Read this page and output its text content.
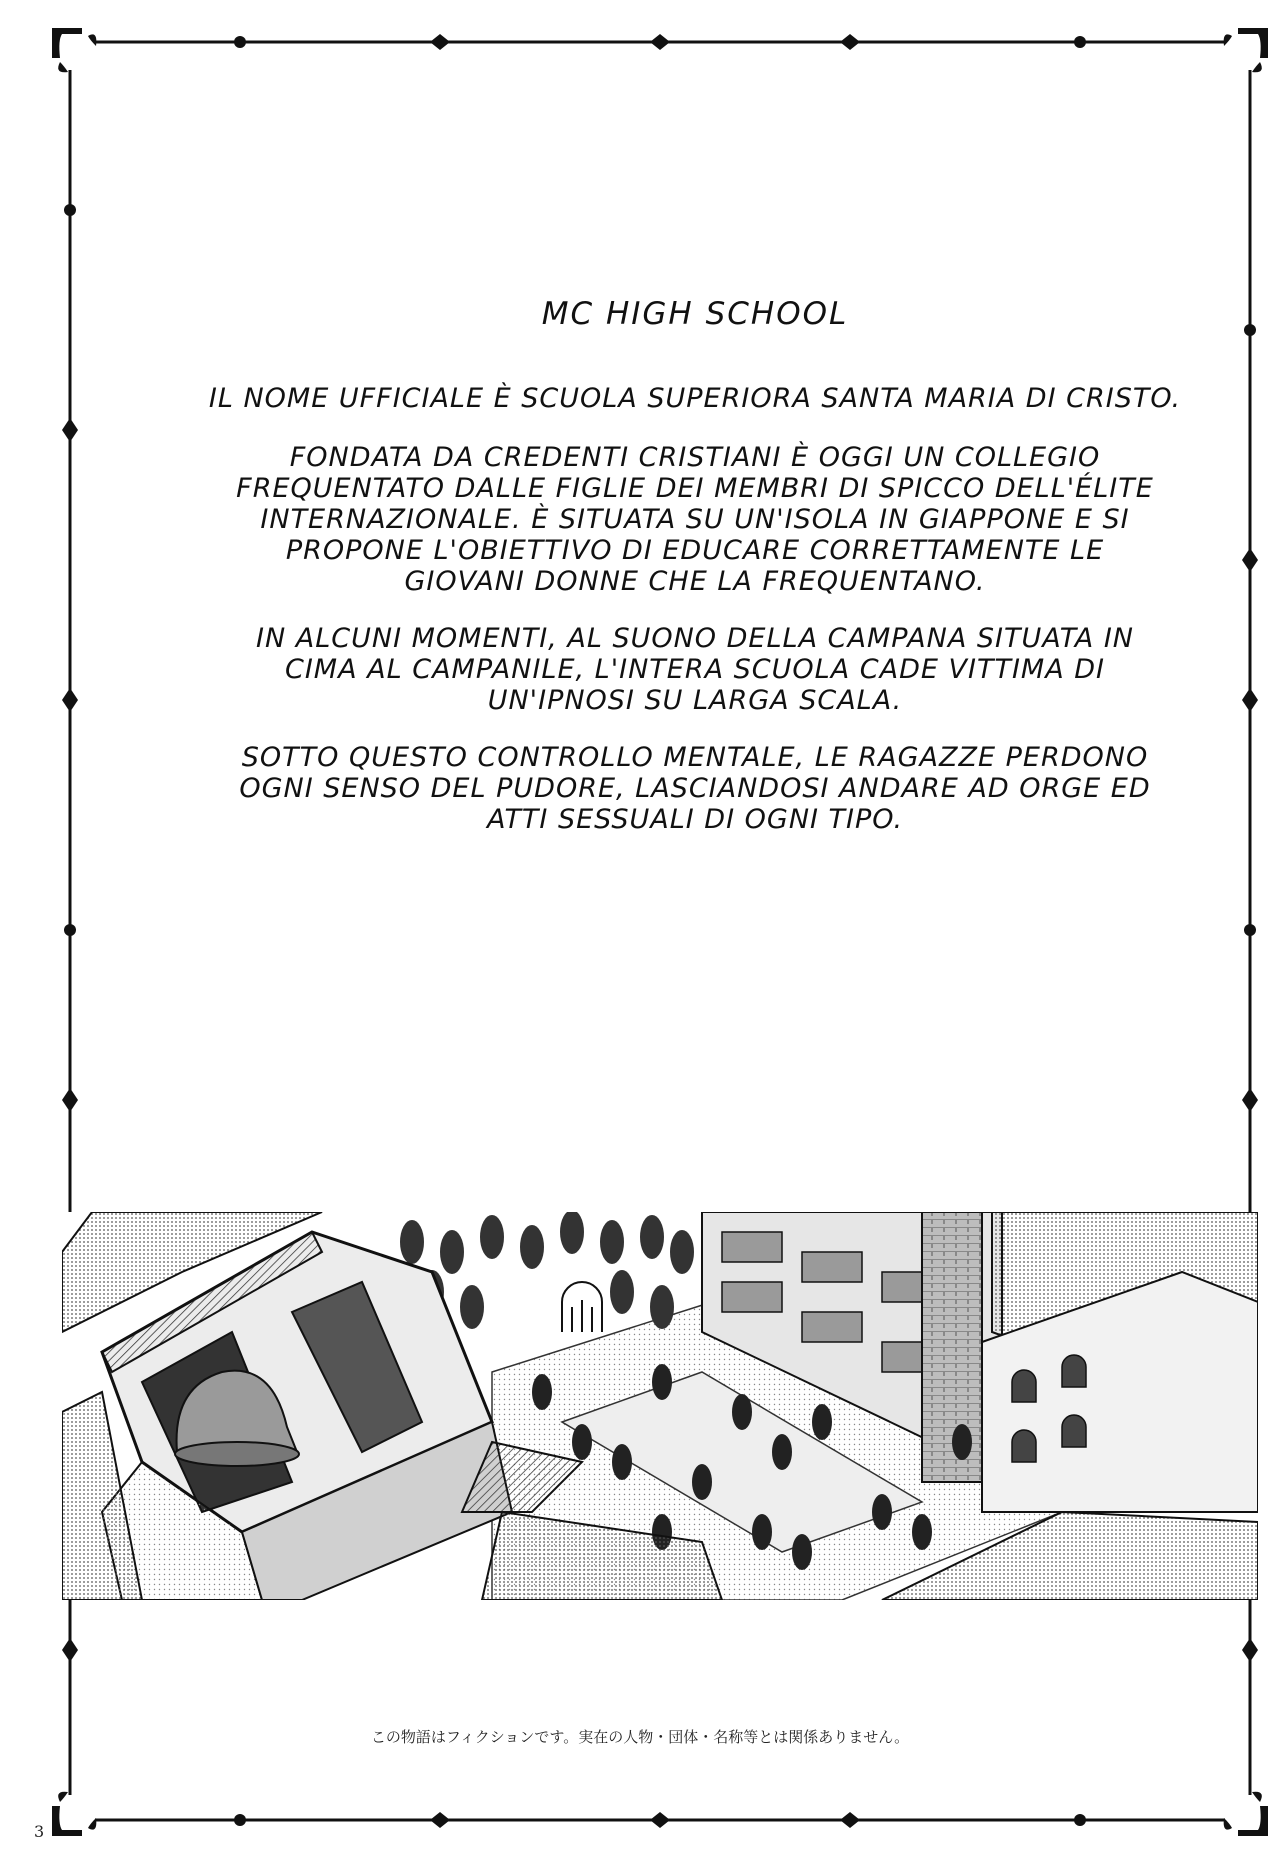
MC HIGH SCHOOL
IL NOME UFFICIALE È SCUOLA SUPERIORA SANTA MARIA DI CRISTO.
FONDATA DA CREDENTI CRISTIANI È OGGI UN COLLEGIO
FREQUENTATO DALLE FIGLIE DEI MEMBRI DI SPICCO DELL'ÉLITE
INTERNAZIONALE. È SITUATA SU UN'ISOLA IN GIAPPONE E SI
PROPONE L'OBIETTIVO DI EDUCARE CORRETTAMENTE LE
GIOVANI DONNE CHE LA FREQUENTANO.
IN ALCUNI MOMENTI, AL SUONO DELLA CAMPANA SITUATA IN
CIMA AL CAMPANILE, L'INTERA SCUOLA CADE VITTIMA DI
UN'IPNOSI SU LARGA SCALA.
SOTTO QUESTO CONTROLLO MENTALE, LE RAGAZZE PERDONO
OGNI SENSO DEL PUDORE, LASCIANDOSI ANDARE AD ORGE ED
ATTI SESSUALI DI OGNI TIPO.
この物語はフィクションです。実在の人物・団体・名称等とは関係ありません。
3
